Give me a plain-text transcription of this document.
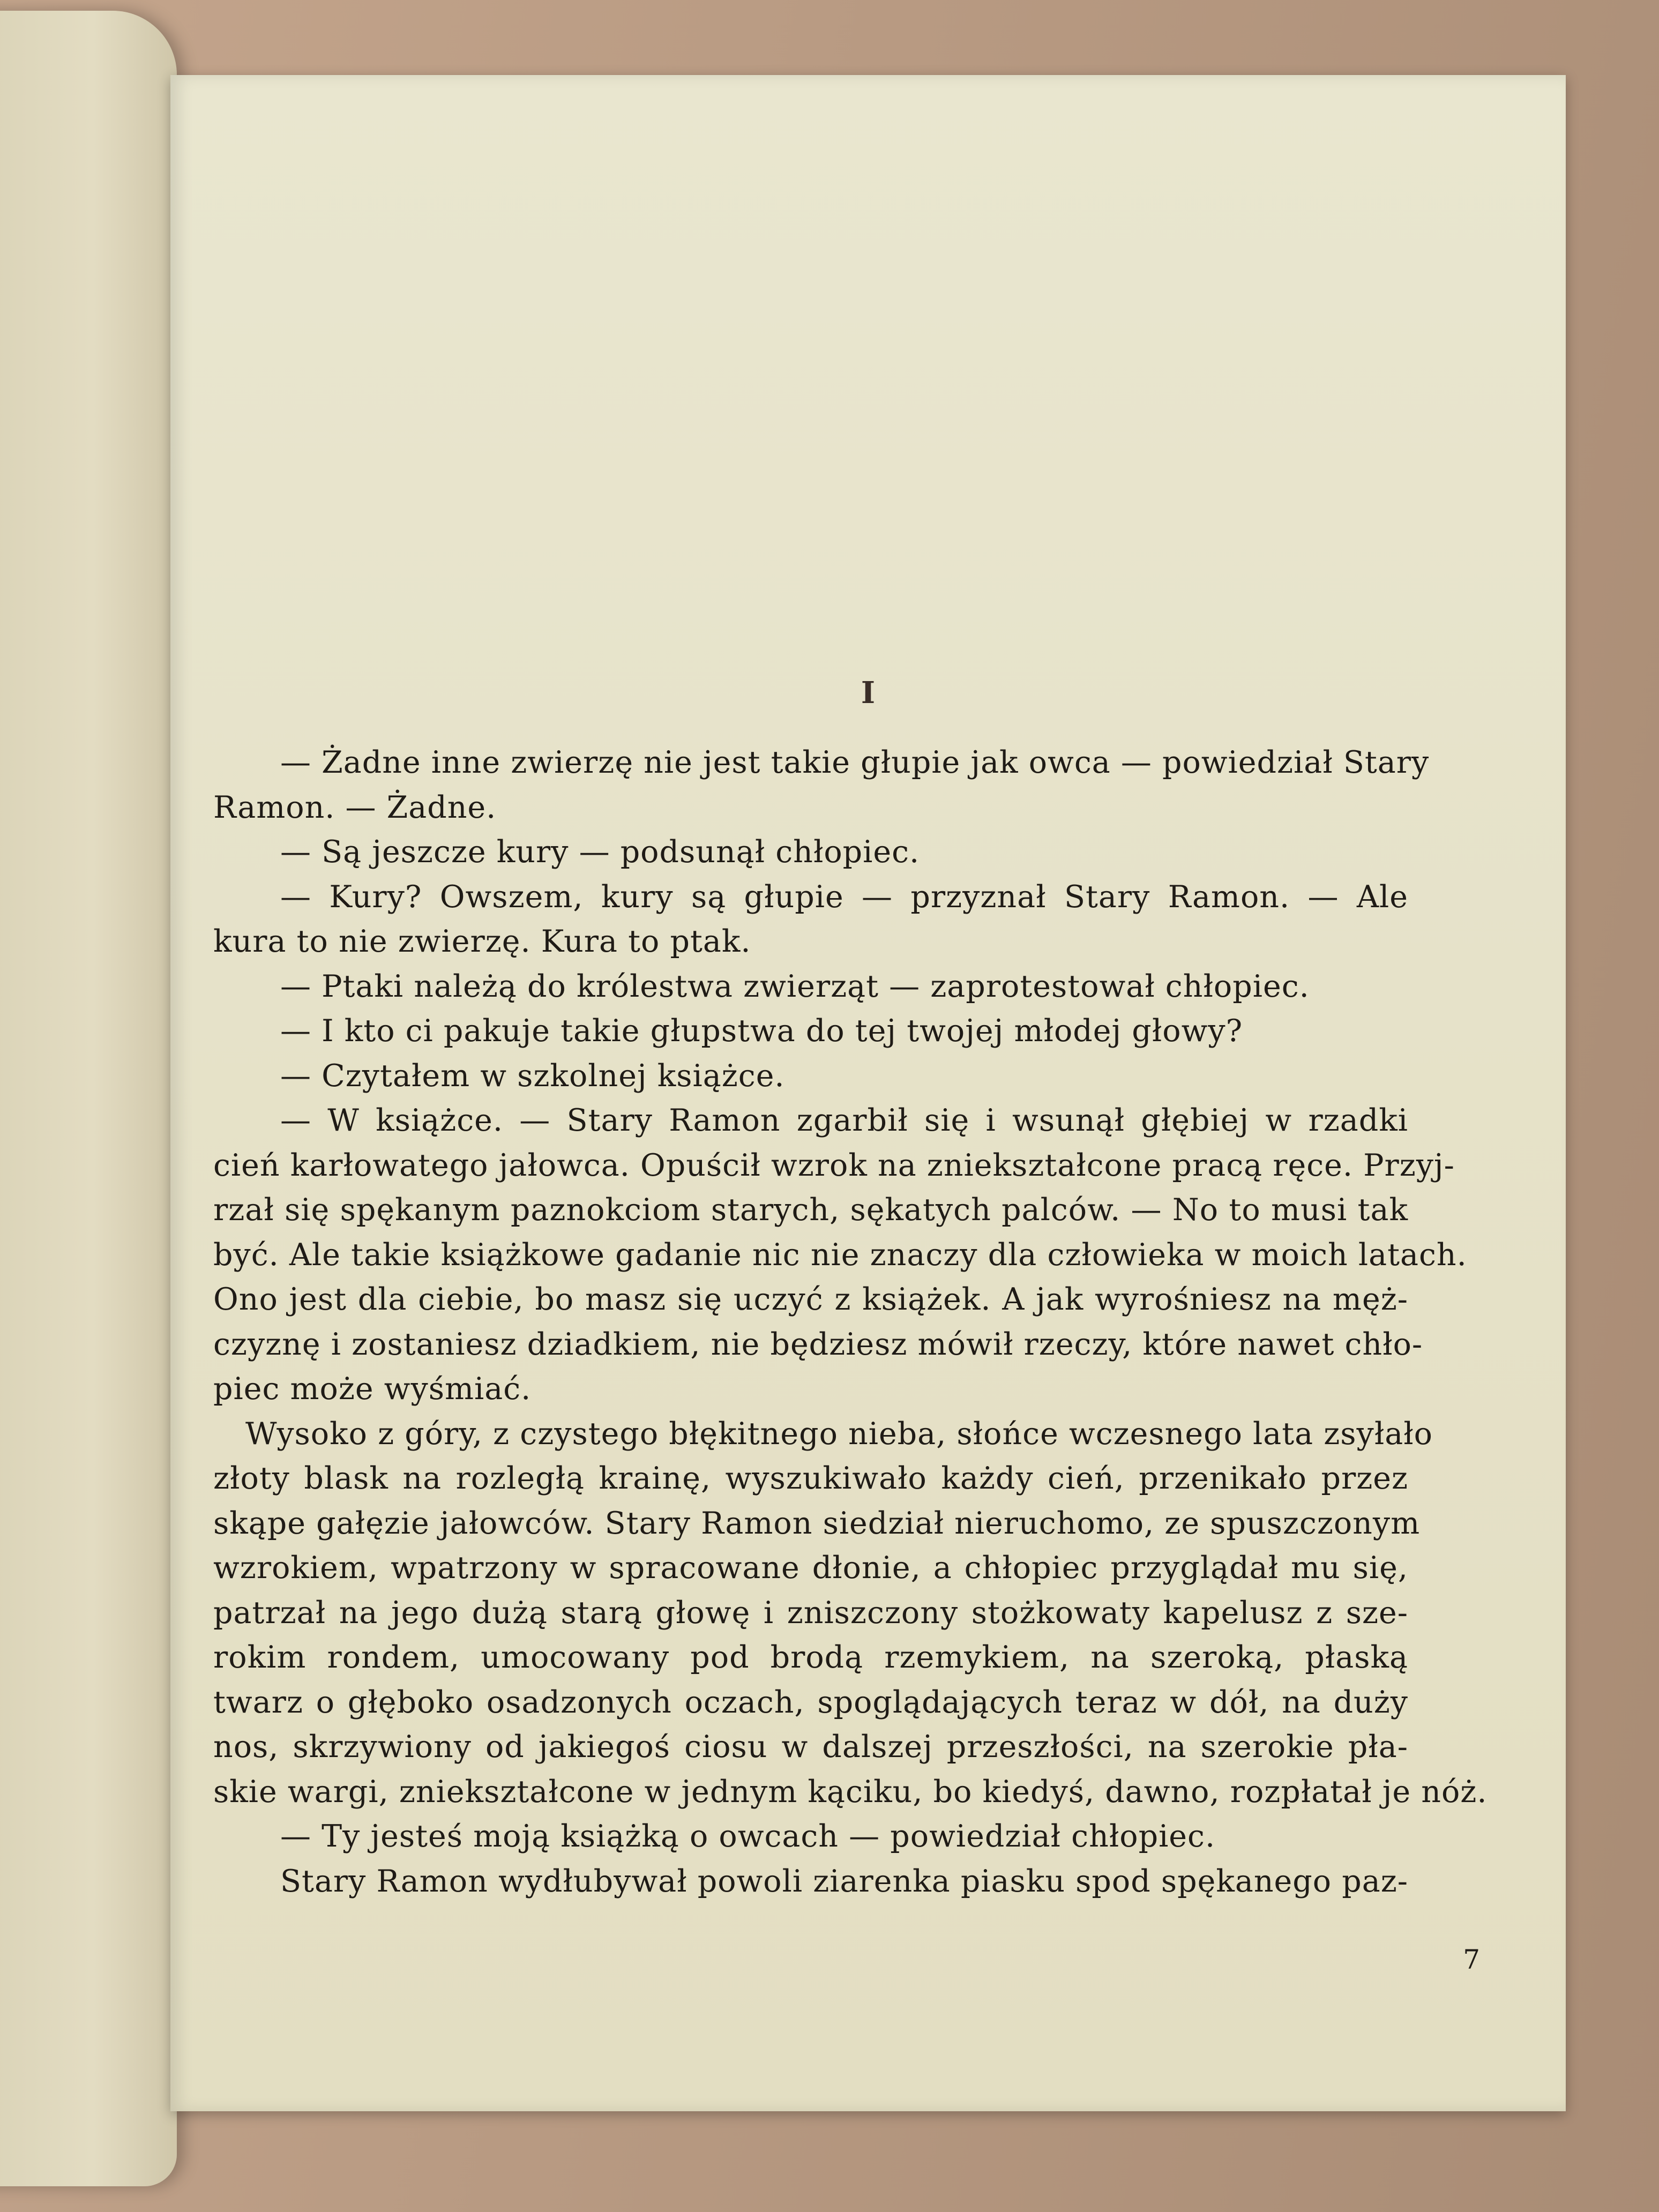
I
— Żadne inne zwierzę nie jest takie głupie jak owca — powiedział Stary
Ramon. — Żadne.
— Są jeszcze kury — podsunął chłopiec.
— Kury? Owszem, kury są głupie — przyznał Stary Ramon. — Ale
kura to nie zwierzę. Kura to ptak.
— Ptaki należą do królestwa zwierząt — zaprotestował chłopiec.
— I kto ci pakuje takie głupstwa do tej twojej młodej głowy?
— Czytałem w szkolnej książce.
— W książce. — Stary Ramon zgarbił się i wsunął głębiej w rzadki
cień karłowatego jałowca. Opuścił wzrok na zniekształcone pracą ręce. Przyj-
rzał się spękanym paznokciom starych, sękatych palców. — No to musi tak
być. Ale takie książkowe gadanie nic nie znaczy dla człowieka w moich latach.
Ono jest dla ciebie, bo masz się uczyć z książek. A jak wyrośniesz na męż-
czyznę i zostaniesz dziadkiem, nie będziesz mówił rzeczy, które nawet chło-
piec może wyśmiać.
Wysoko z góry, z czystego błękitnego nieba, słońce wczesnego lata zsyłało
złoty blask na rozległą krainę, wyszukiwało każdy cień, przenikało przez
skąpe gałęzie jałowców. Stary Ramon siedział nieruchomo, ze spuszczonym
wzrokiem, wpatrzony w spracowane dłonie, a chłopiec przyglądał mu się,
patrzał na jego dużą starą głowę i zniszczony stożkowaty kapelusz z sze-
rokim rondem, umocowany pod brodą rzemykiem, na szeroką, płaską
twarz o głęboko osadzonych oczach, spoglądających teraz w dół, na duży
nos, skrzywiony od jakiegoś ciosu w dalszej przeszłości, na szerokie pła-
skie wargi, zniekształcone w jednym kąciku, bo kiedyś, dawno, rozpłatał je nóż.
— Ty jesteś moją książką o owcach — powiedział chłopiec.
Stary Ramon wydłubywał powoli ziarenka piasku spod spękanego paz-
7
